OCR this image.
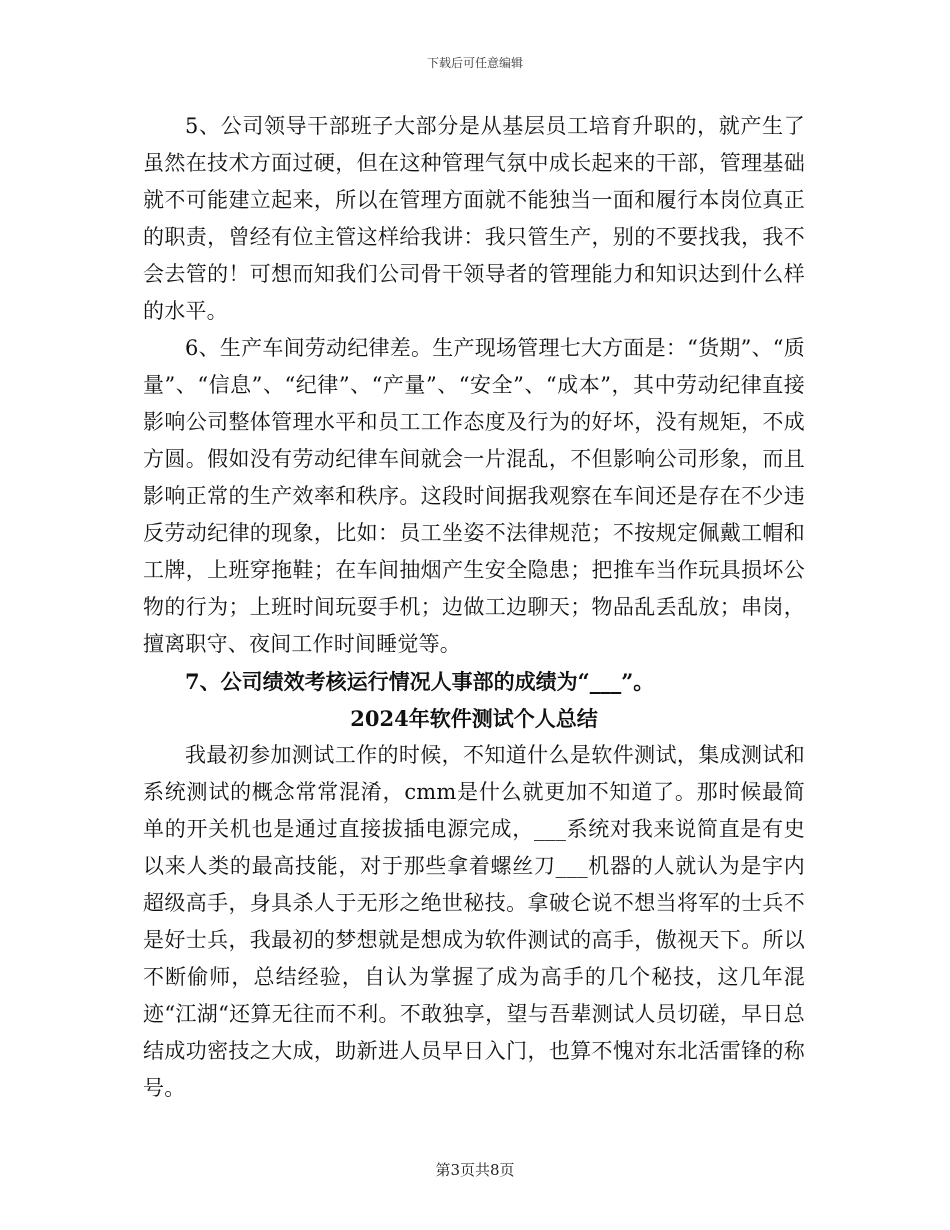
下载后可任意编辑

5、公司领导干部班子大部分是从基层员工培育升职的，就产生了虽然在技术方面过硬，但在这种管理气氛中成长起来的干部，管理基础就不可能建立起来，所以在管理方面就不能独当一面和履行本岗位真正的职责，曾经有位主管这样给我讲：我只管生产，别的不要找我，我不会去管的！可想而知我们公司骨干领导者的管理能力和知识达到什么样的水平。

6、生产车间劳动纪律差。生产现场管理七大方面是：“货期”、“质量”、“信息”、“纪律”、“产量”、“安全”、“成本”，其中劳动纪律直接影响公司整体管理水平和员工工作态度及行为的好坏，没有规矩，不成方圆。假如没有劳动纪律车间就会一片混乱，不但影响公司形象，而且影响正常的生产效率和秩序。这段时间据我观察在车间还是存在不少违反劳动纪律的现象，比如：员工坐姿不法律规范；不按规定佩戴工帽和工牌，上班穿拖鞋；在车间抽烟产生安全隐患；把推车当作玩具损坏公物的行为；上班时间玩耍手机；边做工边聊天；物品乱丢乱放；串岗，擅离职守、夜间工作时间睡觉等。

7、公司绩效考核运行情况人事部的成绩为“___”。

2024年软件测试个人总结

我最初参加测试工作的时候，不知道什么是软件测试，集成测试和系统测试的概念常常混淆，cmm是什么就更加不知道了。那时候最简单的开关机也是通过直接拔插电源完成，___系统对我来说简直是有史以来人类的最高技能，对于那些拿着螺丝刀___机器的人就认为是宇内超级高手，身具杀人于无形之绝世秘技。拿破仑说不想当将军的士兵不是好士兵，我最初的梦想就是想成为软件测试的高手，傲视天下。所以不断偷师，总结经验，自认为掌握了成为高手的几个秘技，这几年混迹“江湖“还算无往而不利。不敢独享，望与吾辈测试人员切磋，早日总结成功密技之大成，助新进人员早日入门，也算不愧对东北活雷锋的称号。

第3页共8页
